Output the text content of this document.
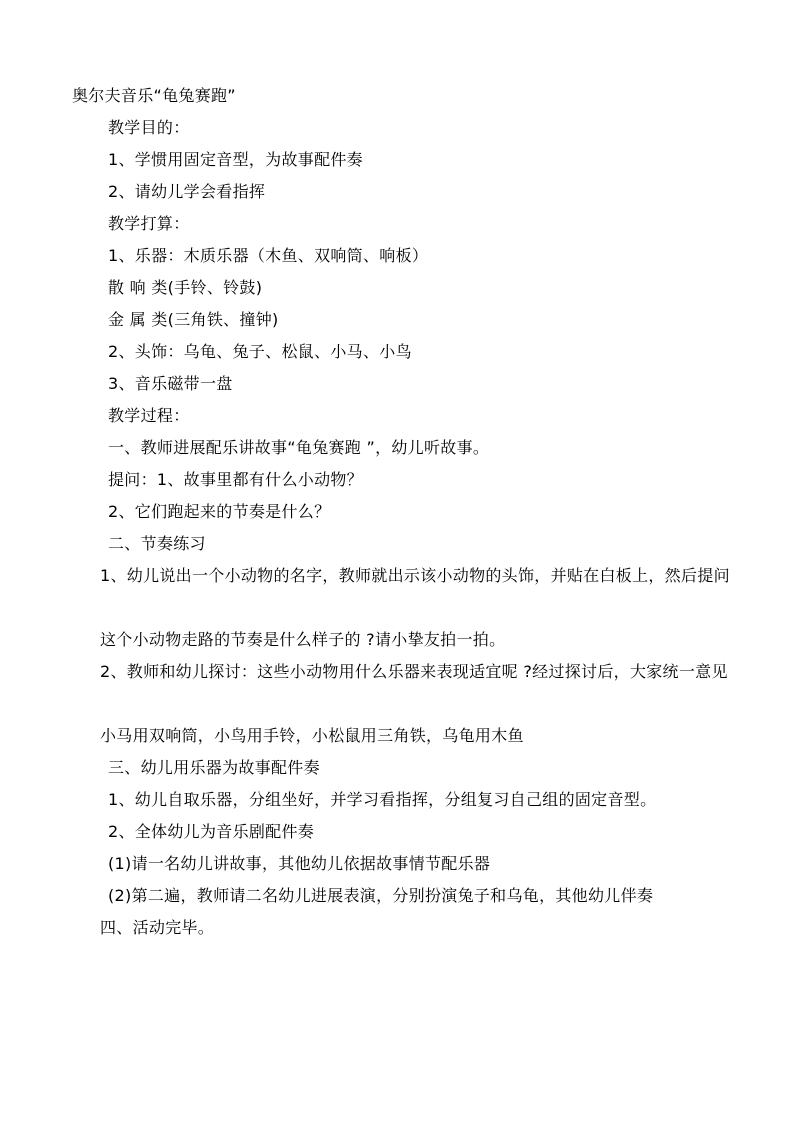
奥尔夫音乐“龟兔赛跑”
教学目的：
1、学惯用固定音型，为故事配件奏
2、请幼儿学会看指挥
教学打算：
1、乐器：木质乐器（木鱼、双响筒、响板）
散 响 类(手铃、铃鼓)
金 属 类(三角铁、撞钟)
2、头饰：乌龟、兔子、松鼠、小马、小鸟
3、音乐磁带一盘
教学过程：
一、教师进展配乐讲故事“龟兔赛跑 ”，幼儿听故事。
提问：1、故事里都有什么小动物？
2、它们跑起来的节奏是什么？
二、节奏练习
1、幼儿说出一个小动物的名字，教师就出示该小动物的头饰，并贴在白板上，然后提问
这个小动物走路的节奏是什么样子的 ?请小挚友拍一拍。
2、教师和幼儿探讨：这些小动物用什么乐器来表现适宜呢 ?经过探讨后，大家统一意见
小马用双响筒，小鸟用手铃，小松鼠用三角铁，乌龟用木鱼
三、幼儿用乐器为故事配件奏
1、幼儿自取乐器，分组坐好，并学习看指挥，分组复习自己组的固定音型。
2、全体幼儿为音乐剧配件奏
(1)请一名幼儿讲故事，其他幼儿依据故事情节配乐器
(2)第二遍，教师请二名幼儿进展表演，分别扮演兔子和乌龟，其他幼儿伴奏
四、活动完毕。
